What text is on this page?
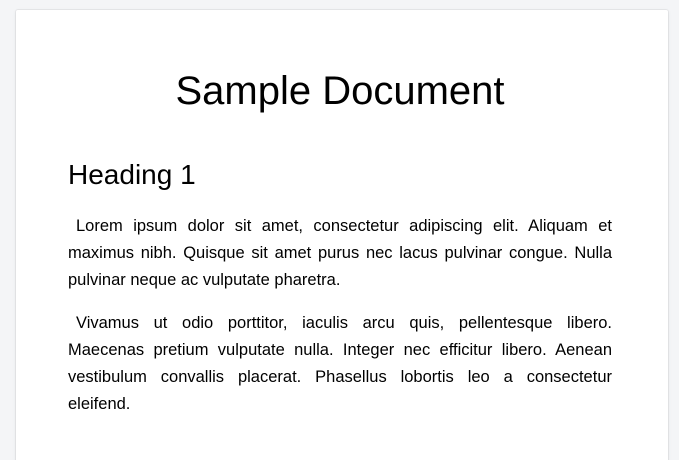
Sample Document
Heading 1

Lorem ipsum dolor sit amet, consectetur adipiscing elit. Aliquam et maximus nibh. Quisque sit amet purus nec lacus pulvinar congue. Nulla pulvinar neque ac vulputate pharetra.

Vivamus ut odio porttitor, iaculis arcu quis, pellentesque libero. Maecenas pretium vulputate nulla. Integer nec efficitur libero. Aenean vestibulum convallis placerat. Phasellus lobortis leo a consectetur eleifend.
